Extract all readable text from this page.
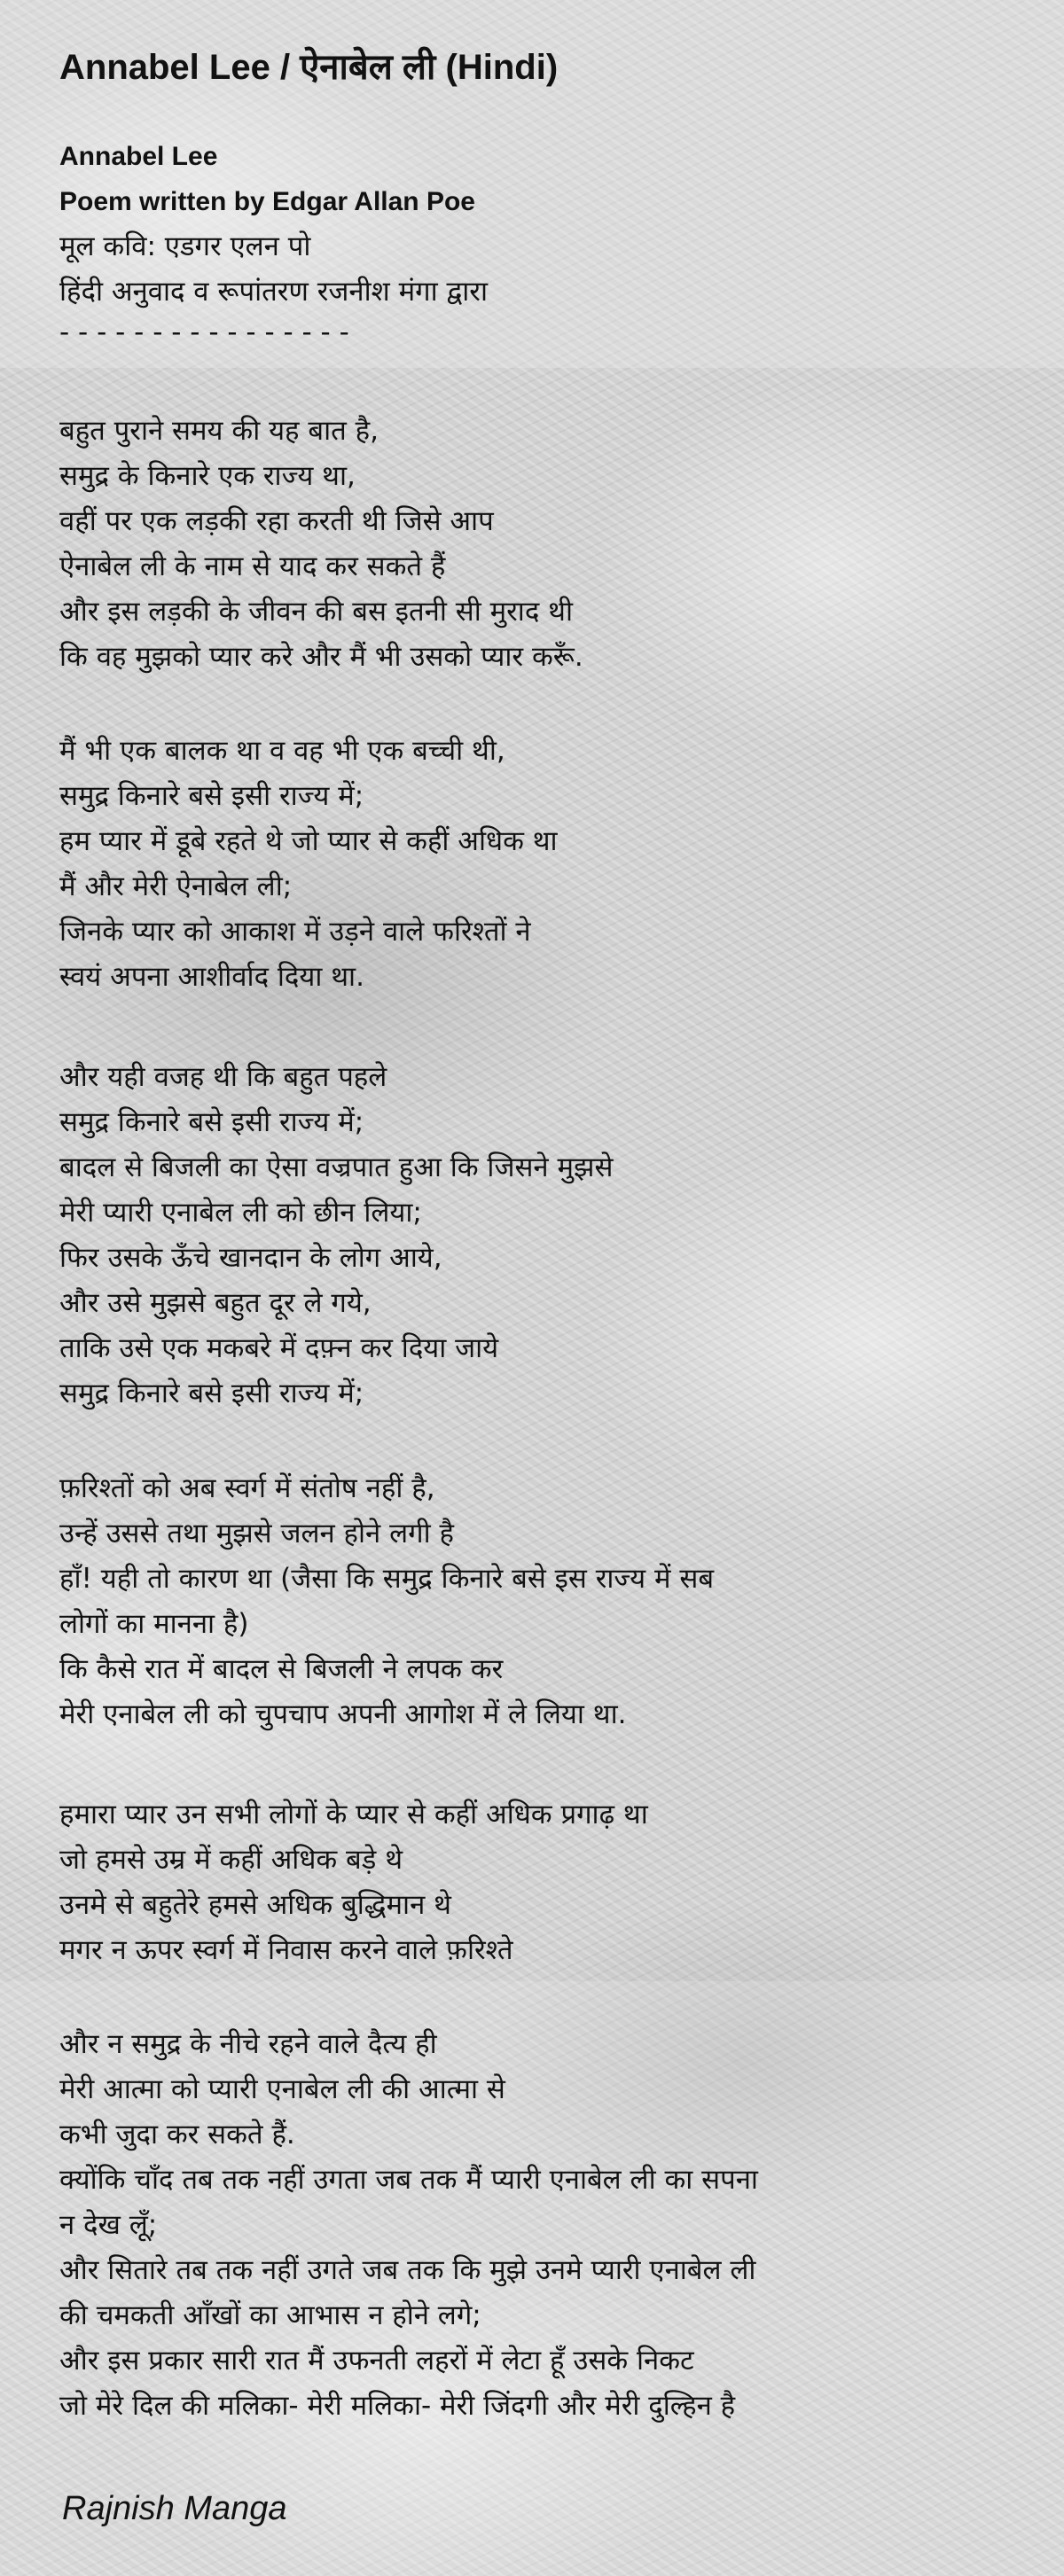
Annabel Lee / ऐनाबेल ली (Hindi)
Annabel Lee
Poem written by Edgar Allan Poe
मूल कवि: एडगर एलन पो
हिंदी अनुवाद व रूपांतरण रजनीश मंगा द्वारा
- - - - - - - - - - - - - - - -
बहुत पुराने समय की यह बात है,
समुद्र के किनारे एक राज्य था,
वहीं पर एक लड़की रहा करती थी जिसे आप
ऐनाबेल ली के नाम से याद कर सकते हैं
और इस लड़की के जीवन की बस इतनी सी मुराद थी
कि वह मुझको प्यार करे और मैं भी उसको प्यार करूँ.
मैं भी एक बालक था व वह भी एक बच्ची थी,
समुद्र किनारे बसे इसी राज्य में;
हम प्यार में डूबे रहते थे जो प्यार से कहीं अधिक था
मैं और मेरी ऐनाबेल ली;
जिनके प्यार को आकाश में उड़ने वाले फरिश्तों ने
स्वयं अपना आशीर्वाद दिया था.
और यही वजह थी कि बहुत पहले
समुद्र किनारे बसे इसी राज्य में;
बादल से बिजली का ऐसा वज्रपात हुआ कि जिसने मुझसे
मेरी प्यारी एनाबेल ली को छीन लिया;
फिर उसके ऊँचे खानदान के लोग आये,
और उसे मुझसे बहुत दूर ले गये,
ताकि उसे एक मकबरे में दफ़्न कर दिया जाये
समुद्र किनारे बसे इसी राज्य में;
फ़रिश्तों को अब स्वर्ग में संतोष नहीं है,
उन्हें उससे तथा मुझसे जलन होने लगी है
हाँ! यही तो कारण था (जैसा कि समुद्र किनारे बसे इस राज्य में सब
लोगों का मानना है)
कि कैसे रात में बादल से बिजली ने लपक कर
मेरी एनाबेल ली को चुपचाप अपनी आगोश में ले लिया था.
हमारा प्यार उन सभी लोगों के प्यार से कहीं अधिक प्रगाढ़ था
जो हमसे उम्र में कहीं अधिक बड़े थे
उनमे से बहुतेरे हमसे अधिक बुद्धिमान थे
मगर न ऊपर स्वर्ग में निवास करने वाले फ़रिश्ते
और न समुद्र के नीचे रहने वाले दैत्य ही
मेरी आत्मा को प्यारी एनाबेल ली की आत्मा से
कभी जुदा कर सकते हैं.
क्योंकि चाँद तब तक नहीं उगता जब तक मैं प्यारी एनाबेल ली का सपना
न देख लूँ;
और सितारे तब तक नहीं उगते जब तक कि मुझे उनमे प्यारी एनाबेल ली
की चमकती आँखों का आभास न होने लगे;
और इस प्रकार सारी रात मैं उफनती लहरों में लेटा हूँ उसके निकट
जो मेरे दिल की मलिका- मेरी मलिका- मेरी जिंदगी और मेरी दुल्हिन है

Rajnish Manga
